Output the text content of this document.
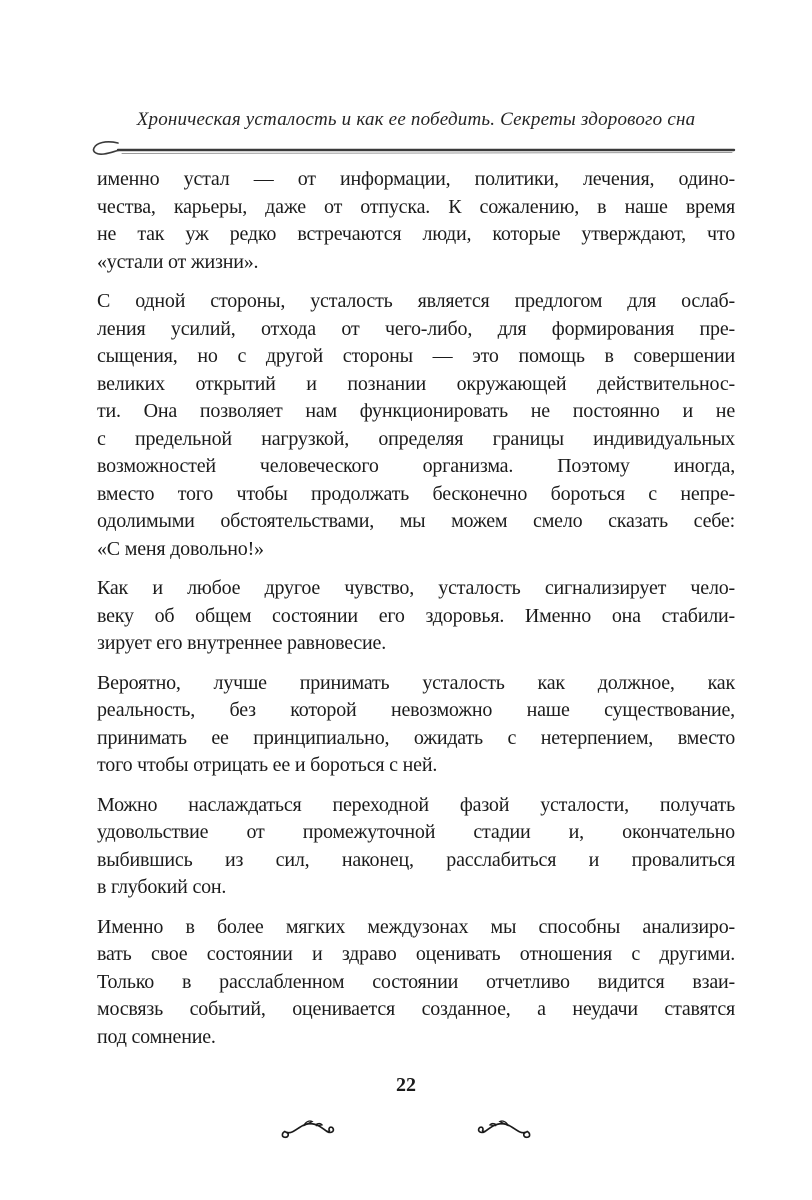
Хроническая усталость и как ее победить. Секреты здорового сна
именно устал — от информации, политики, лечения, одино-
чества, карьеры, даже от отпуска. К сожалению, в наше время
не так уж редко встречаются люди, которые утверждают, что
«устали от жизни».
С одной стороны, усталость является предлогом для ослаб-
ления усилий, отхода от чего-либо, для формирования пре-
сыщения, но с другой стороны — это помощь в совершении
великих открытий и познании окружающей действительнос-
ти. Она позволяет нам функционировать не постоянно и не
с предельной нагрузкой, определяя границы индивидуальных
возможностей человеческого организма. Поэтому иногда,
вместо того чтобы продолжать бесконечно бороться с непре-
одолимыми обстоятельствами, мы можем смело сказать себе:
«С меня довольно!»
Как и любое другое чувство, усталость сигнализирует чело-
веку об общем состоянии его здоровья. Именно она стабили-
зирует его внутреннее равновесие.
Вероятно, лучше принимать усталость как должное, как
реальность, без которой невозможно наше существование,
принимать ее принципиально, ожидать с нетерпением, вместо
того чтобы отрицать ее и бороться с ней.
Можно наслаждаться переходной фазой усталости, получать
удовольствие от промежуточной стадии и, окончательно
выбившись из сил, наконец, расслабиться и провалиться
в глубокий сон.
Именно в более мягких междузонах мы способны анализиро-
вать свое состоянии и здраво оценивать отношения с другими.
Только в расслабленном состоянии отчетливо видится взаи-
мосвязь событий, оценивается созданное, а неудачи ставятся
под сомнение.
22
